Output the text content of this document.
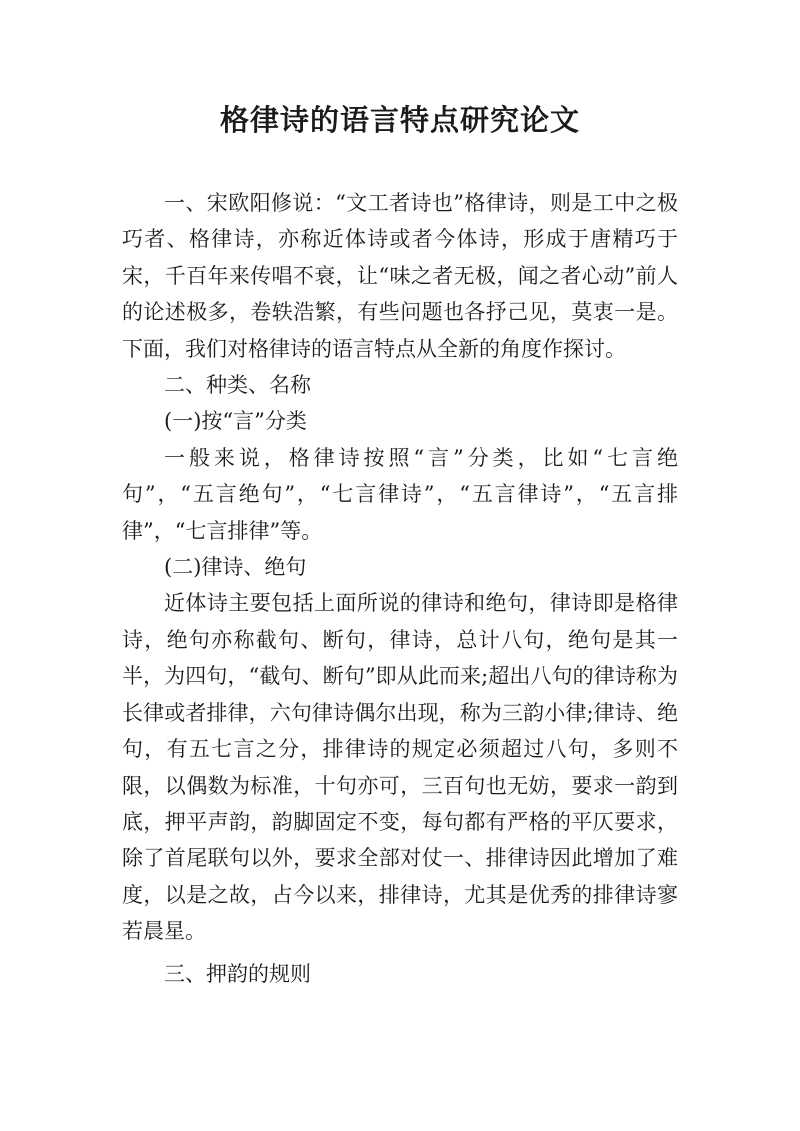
格律诗的语言特点研究论文

一、宋欧阳修说：“文工者诗也”格律诗，则是工中之极巧者、格律诗，亦称近体诗或者今体诗，形成于唐精巧于宋，千百年来传唱不衰，让“味之者无极，闻之者心动”前人的论述极多，卷轶浩繁，有些问题也各抒己见，莫衷一是。下面，我们对格律诗的语言特点从全新的角度作探讨。

二、种类、名称

(一)按“言”分类

一般来说，格律诗按照“言”分类，比如“七言绝句”，“五言绝句”，“七言律诗”，“五言律诗”，“五言排律”，“七言排律”等。

(二)律诗、绝句

近体诗主要包括上面所说的律诗和绝句，律诗即是格律诗，绝句亦称截句、断句，律诗，总计八句，绝句是其一半，为四句，“截句、断句”即从此而来;超出八句的律诗称为长律或者排律，六句律诗偶尔出现，称为三韵小律;律诗、绝句，有五七言之分，排律诗的规定必须超过八句，多则不限，以偶数为标准，十句亦可，三百句也无妨，要求一韵到底，押平声韵，韵脚固定不变，每句都有严格的平仄要求，除了首尾联句以外，要求全部对仗一、排律诗因此增加了难度，以是之故，占今以来，排律诗，尤其是优秀的排律诗寥若晨星。

三、押韵的规则
